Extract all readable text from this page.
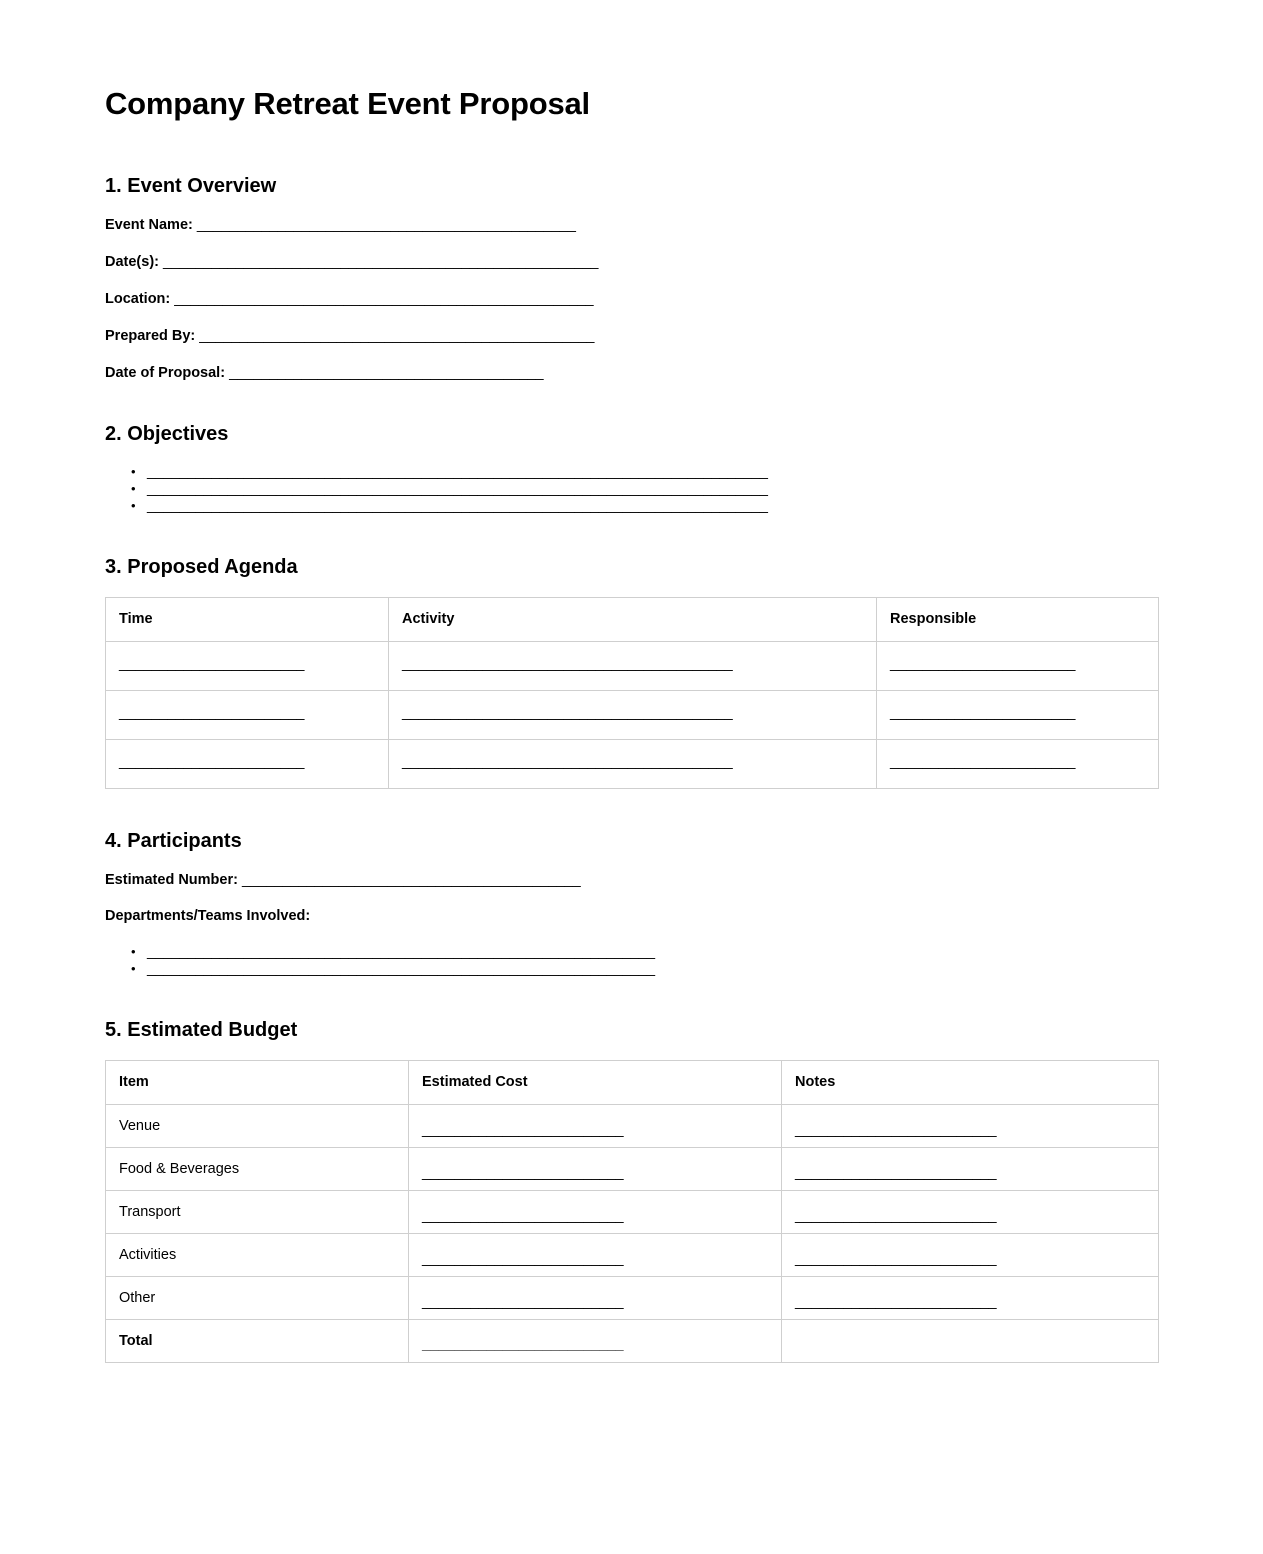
Company Retreat Event Proposal
1. Event Overview
Event Name: _______________________________________________
Date(s): ______________________________________________________
Location: ____________________________________________________
Prepared By: _________________________________________________
Date of Proposal: _______________________________________
2. Objectives
• _____________________________________________________________________________
• _____________________________________________________________________________
• _____________________________________________________________________________
3. Proposed Agenda
Time	Activity	Responsible
_______________________	_________________________________________	_______________________
_______________________	_________________________________________	_______________________
_______________________	_________________________________________	_______________________
4. Participants
Estimated Number: __________________________________________

Departments/Teams Involved:

• _______________________________________________________________
• _______________________________________________________________
5. Estimated Budget
Item	Estimated Cost	Notes
Venue	_________________________	_________________________
Food & Beverages	_________________________	_________________________
Transport	_________________________	_________________________
Activities	_________________________	_________________________
Other	_________________________	_________________________
Total	_________________________	
